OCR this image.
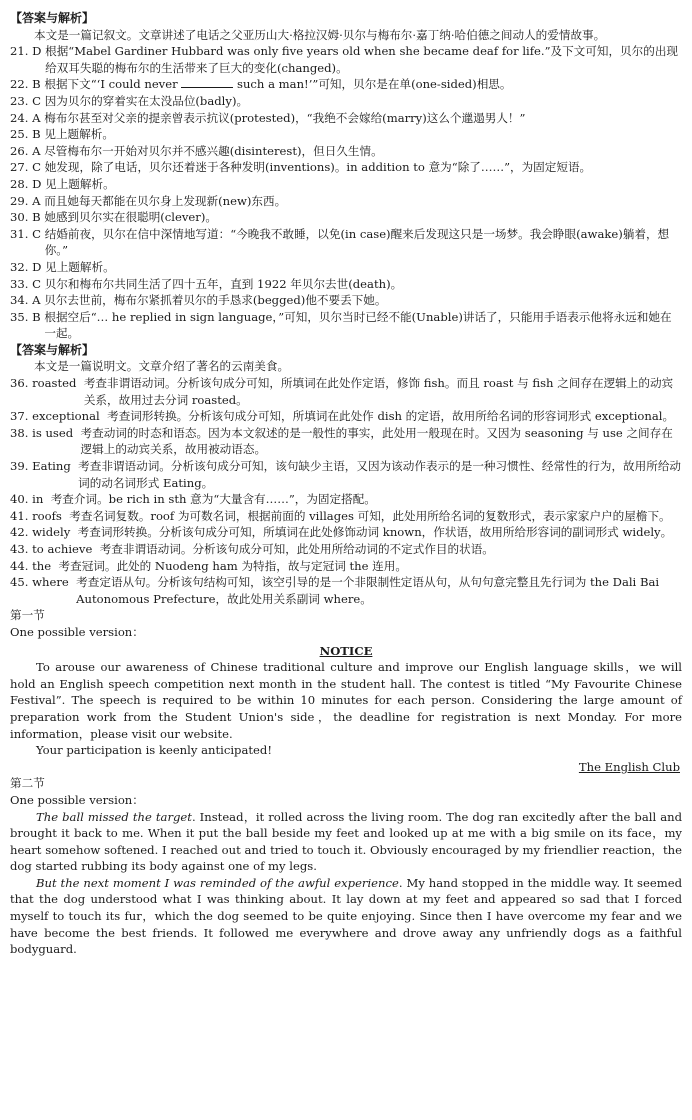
【答案与解析】

本文是一篇记叙文。文章讲述了电话之父亚历山大·格拉汉姆·贝尔与梅布尔·嘉丁纳·哈伯德之间动人的爱情故事。

21. D
根据“Mabel Gardiner Hubbard was only five years old when she became deaf for life.”及下文可知，贝尔的出现给双耳失聪的梅布尔的生活带来了巨大的变化(changed)。
22. B
根据下文“‘I could never	such a man!’”可知，贝尔是在单(one-sided)相思。
23. C
因为贝尔的穿着实在太没品位(badly)。
24. A
梅布尔甚至对父亲的提亲曾表示抗议(protested)，“我绝不会嫁给(marry)这么个邋遢男人！”
25. B
见上题解析。
26. A
尽管梅布尔一开始对贝尔并不感兴趣(disinterest)，但日久生情。
27. C
她发现，除了电话，贝尔还着迷于各种发明(inventions)。in addition to 意为“除了……”，为固定短语。
28. D
见上题解析。
29. A
而且她每天都能在贝尔身上发现新(new)东西。
30. B
她感到贝尔实在很聪明(clever)。
31. C
结婚前夜，贝尔在信中深情地写道：“今晚我不敢睡，以免(in case)醒来后发现这只是一场梦。我会睁眼(awake)躺着，想你。”
32. D
见上题解析。
33. C
贝尔和梅布尔共同生活了四十五年，直到 1922 年贝尔去世(death)。
34. A
贝尔去世前，梅布尔紧抓着贝尔的手恳求(begged)他不要丢下她。
35. B
根据空后“… he replied in sign language，”可知，贝尔当时已经不能(Unable)讲话了，只能用手语表示他将永远和她在一起。

【答案与解析】

本文是一篇说明文。文章介绍了著名的云南美食。

36. roasted
考查非谓语动词。分析该句成分可知，所填词在此处作定语，修饰 fish。而且 roast 与 fish 之间存在逻辑上的动宾关系，故用过去分词 roasted。
37. exceptional
考查词形转换。分析该句成分可知，所填词在此处作 dish 的定语，故用所给名词的形容词形式 exceptional。
38. is used
考查动词的时态和语态。因为本文叙述的是一般性的事实，此处用一般现在时。又因为 seasoning 与 use 之间存在逻辑上的动宾关系，故用被动语态。
39. Eating
考查非谓语动词。分析该句成分可知，该句缺少主语，又因为该动作表示的是一种习惯性、经常性的行为，故用所给动词的动名词形式 Eating。
40. in
考查介词。be rich in sth 意为“大量含有……”，为固定搭配。
41. roofs
考查名词复数。roof 为可数名词，根据前面的 villages 可知，此处用所给名词的复数形式，表示家家户户的屋檐下。
42. widely
考查词形转换。分析该句成分可知，所填词在此处修饰动词 known，作状语，故用所给形容词的副词形式 widely。
43. to achieve
考查非谓语动词。分析该句成分可知，此处用所给动词的不定式作目的状语。
44. the
考查冠词。此处的 Nuodeng ham 为特指，故与定冠词 the 连用。
45. where
考查定语从句。分析该句结构可知，该空引导的是一个非限制性定语从句，从句句意完整且先行词为 the Dali Bai Autonomous Prefecture，故此处用关系副词 where。

第一节

One possible version：

NOTICE

To arouse our awareness of Chinese traditional culture and improve our English language skills，we will hold an English speech competition next month in the student hall. The contest is titled “My Favourite Chinese Festival”. The speech is required to be within 10 minutes for each person. Considering the large amount of preparation work from the Student Union's side，the deadline for registration is next Monday. For more information，please visit our website.

Your participation is keenly anticipated!

The English Club

第二节

One possible version：

The ball missed the target. Instead，it rolled across the living room. The dog ran excitedly after the ball and brought it back to me. When it put the ball beside my feet and looked up at me with a big smile on its face，my heart somehow softened. I reached out and tried to touch it. Obviously encouraged by my friendlier reaction，the dog started rubbing its body against one of my legs.

But the next moment I was reminded of the awful experience. My hand stopped in the middle way. It seemed that the dog understood what I was thinking about. It lay down at my feet and appeared so sad that I forced myself to touch its fur，which the dog seemed to be quite enjoying. Since then I have overcome my fear and we have become the best friends. It followed me everywhere and drove away any unfriendly dogs as a faithful bodyguard.
